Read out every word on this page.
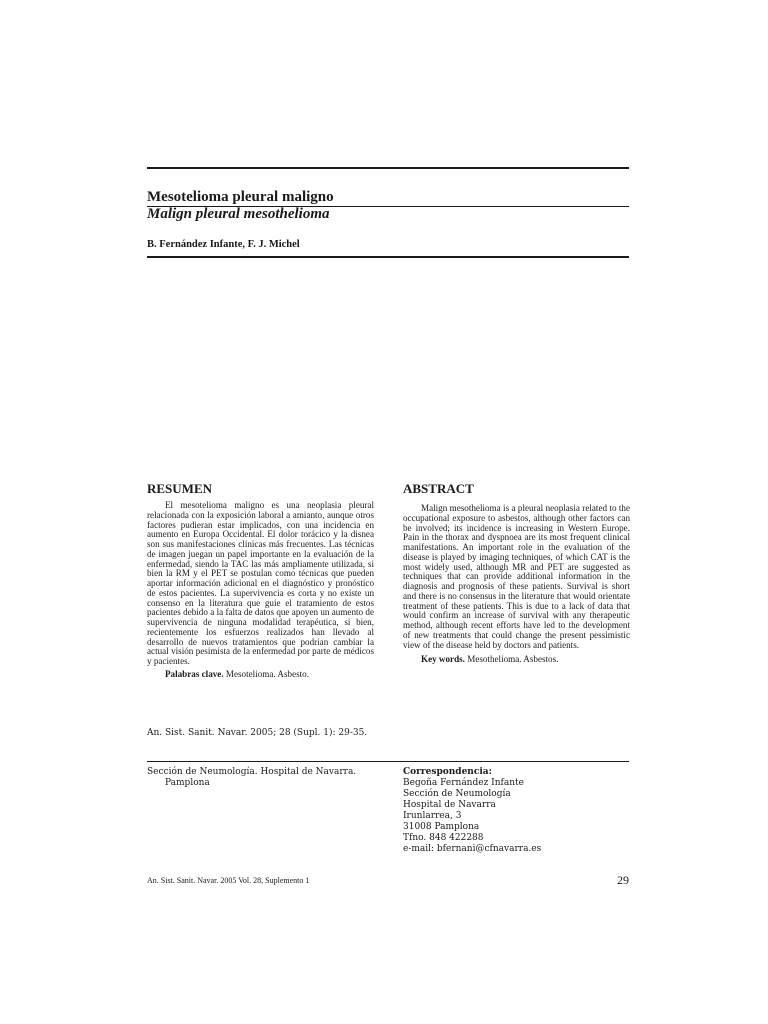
Mesotelioma pleural maligno
Malign pleural mesothelioma
B. Fernández Infante, F. J. Michel
RESUMEN

El mesotelioma maligno es una neoplasia pleural relacionada con la exposición laboral a amianto, aunque otros factores pudieran estar implicados, con una incidencia en aumento en Europa Occidental. El dolor torácico y la disnea son sus manifestaciones clínicas más frecuentes. Las técnicas de imagen juegan un papel importante en la evaluación de la enfermedad, siendo la TAC las más ampliamente utilizada, si bien la RM y el PET se postulan como técnicas que pueden aportar información adicional en el diagnóstico y pronóstico de estos pacientes. La supervivencia es corta y no existe un consenso en la literatura que guíe el tratamiento de estos pacientes debido a la falta de datos que apoyen un aumento de supervivencia de ninguna modalidad terapéutica, si bien, recientemente los esfuerzos realizados han llevado al desarrollo de nuevos tratamientos que podrían cambiar la actual visión pesimista de la enfermedad por parte de médicos y pacientes.

Palabras clave. Mesotelioma. Asbesto.

ABSTRACT

Malign mesothelioma is a pleural neoplasia related to the occupational exposure to asbestos, although other factors can be involved; its incidence is increasing in Western Europe. Pain in the thorax and dyspnoea are its most frequent clinical manifestations. An important role in the evaluation of the disease is played by imaging techniques, of which CAT is the most widely used, although MR and PET are suggested as techniques that can provide additional information in the diagnosis and prognosis of these patients. Survival is short and there is no consensus in the literature that would orientate treatment of these patients. This is due to a lack of data that would confirm an increase of survival with any therapeutic method, although recent efforts have led to the development of new treatments that could change the present pessimistic view of the disease held by doctors and patients.

Key words. Mesothelioma. Asbestos.

An. Sist. Sanit. Navar. 2005; 28 (Supl. 1): 29-35.
Sección de Neumología. Hospital de Navarra.
Pamplona
Correspondencia:
Begoña Fernández Infante
Sección de Neumología
Hospital de Navarra
Irunlarrea, 3
31008 Pamplona
Tfno. 848 422288
e-mail: bfernani@cfnavarra.es
An. Sist. Sanit. Navar. 2005 Vol. 28, Suplemento 1	29
